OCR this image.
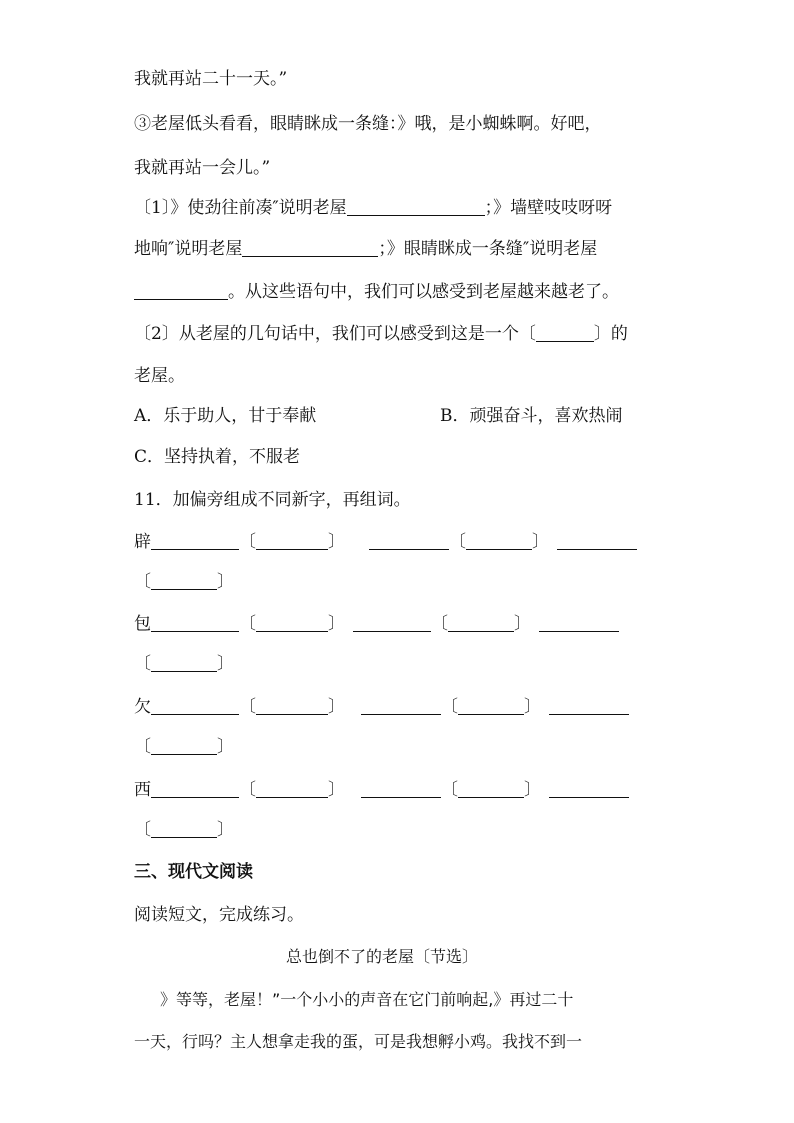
我就再站二十一天。”
③老屋低头看看，眼睛眯成一条缝：》哦，是小蜘蛛啊。好吧，
我就再站一会儿。”
〔1〕》使劲往前凑″说明老屋	；》墙壁吱吱呀呀
地响″说明老屋	；》眼睛眯成一条缝″说明老屋
。从这些语句中，我们可以感受到老屋越来越老了。
〔2〕从老屋的几句话中，我们可以感受到这是一个〔	〕的
老屋。
A．乐于助人，甘于奉献	B．顽强奋斗，喜欢热闹
C．坚持执着，不服老
11．加偏旁组成不同新字，再组词。
辟	〔	〕	〔	〕
〔	〕
包	〔	〕	〔	〕
〔	〕
欠	〔	〕	〔	〕
〔	〕
西	〔	〕	〔	〕
〔	〕
三、现代文阅读
阅读短文，完成练习。
总也倒不了的老屋〔节选〕
》等等，老屋！”一个小小的声音在它门前响起,》再过二十
一天，行吗？主人想拿走我的蛋，可是我想孵小鸡。我找不到一
